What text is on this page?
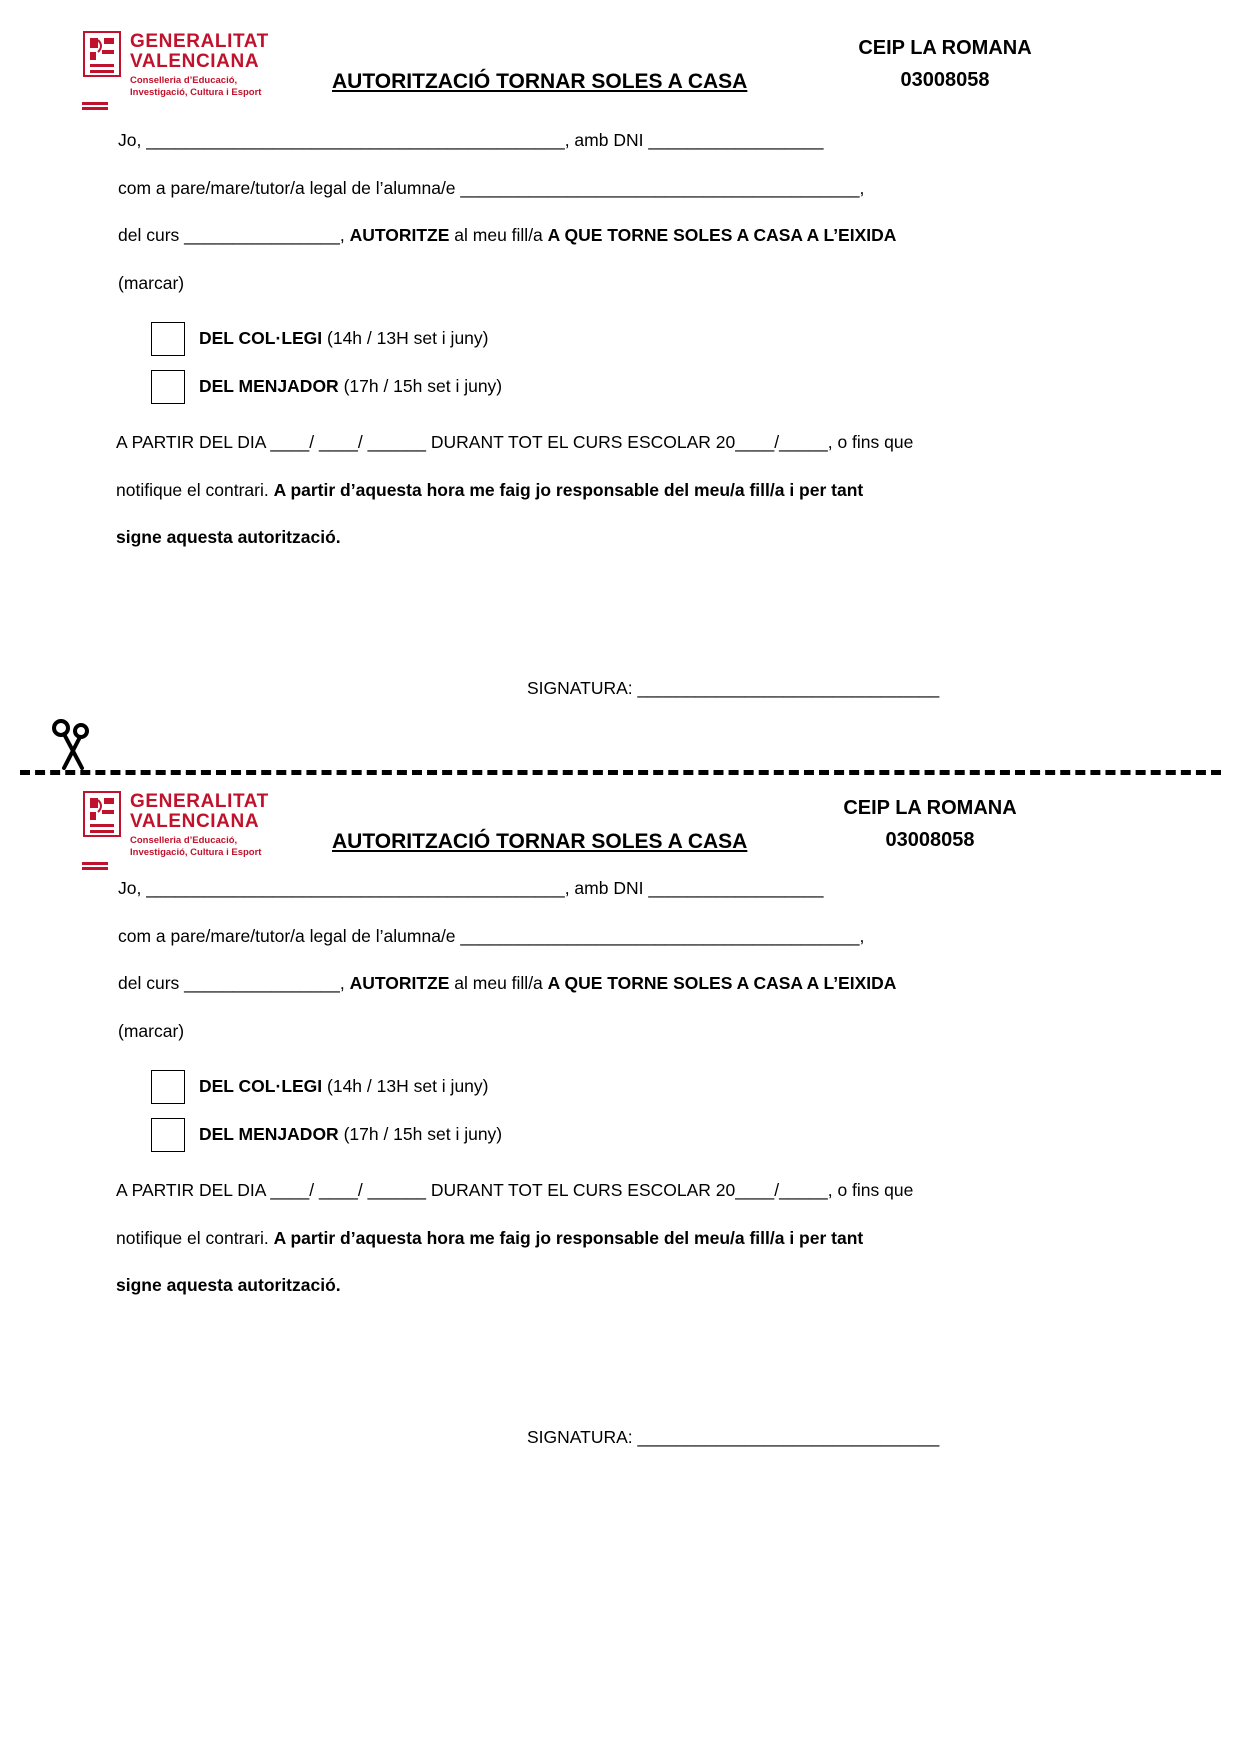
GENERALITAT
VALENCIANA
Conselleria d’Educació,
Investigació, Cultura i Esport	AUTORITZACIÓ TORNAR SOLES A CASA
CEIP LA ROMANA
03008058
Jo, ___________________________________________, amb DNI __________________
com a pare/mare/tutor/a legal de l’alumna/e _________________________________________,
del curs ________________, AUTORITZE al meu fill/a A QUE TORNE SOLES A CASA A L’EIXIDA
(marcar)
DEL COL·LEGI (14h / 13H set i juny)
DEL MENJADOR (17h / 15h set i juny)
A PARTIR DEL DIA ____/ ____/ ______ DURANT TOT EL CURS ESCOLAR 20____/_____, o fins que
notifique el contrari. A partir d’aquesta hora me faig jo responsable del meu/a fill/a i per tant
signe aquesta autorització.
SIGNATURA: _______________________________
GENERALITAT
VALENCIANA
Conselleria d’Educació,
Investigació, Cultura i Esport	AUTORITZACIÓ TORNAR SOLES A CASA
CEIP LA ROMANA
03008058
Jo, ___________________________________________, amb DNI __________________
com a pare/mare/tutor/a legal de l’alumna/e _________________________________________,
del curs ________________, AUTORITZE al meu fill/a A QUE TORNE SOLES A CASA A L’EIXIDA
(marcar)
DEL COL·LEGI (14h / 13H set i juny)
DEL MENJADOR (17h / 15h set i juny)
A PARTIR DEL DIA ____/ ____/ ______ DURANT TOT EL CURS ESCOLAR 20____/_____, o fins que
notifique el contrari. A partir d’aquesta hora me faig jo responsable del meu/a fill/a i per tant
signe aquesta autorització.
SIGNATURA: _______________________________
